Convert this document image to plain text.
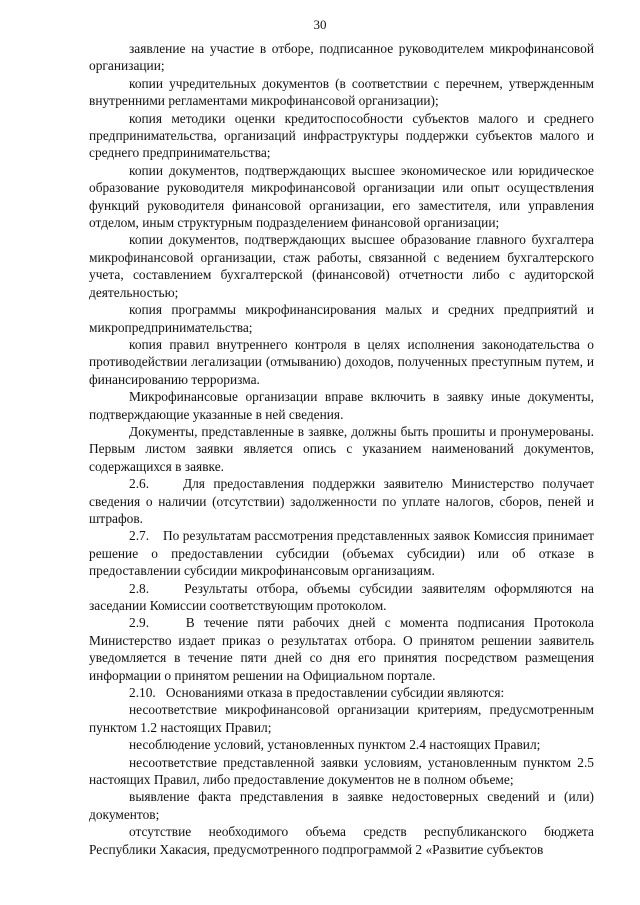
30

заявление на участие в отборе, подписанное руководителем микрофинансовой организации;

копии учредительных документов (в соответствии с перечнем, утвержденным внутренними регламентами микрофинансовой организации);

копия методики оценки кредитоспособности субъектов малого и среднего предпринимательства, организаций инфраструктуры поддержки субъектов малого и среднего предпринимательства;

копии документов, подтверждающих высшее экономическое или юридическое образование руководителя микрофинансовой организации или опыт осуществления функций руководителя финансовой организации, его заместителя, или управления отделом, иным структурным подразделением финансовой организации;

копии документов, подтверждающих высшее образование главного бухгалтера микрофинансовой организации, стаж работы, связанной с ведением бухгалтерского учета, составлением бухгалтерской (финансовой) отчетности либо с аудиторской деятельностью;

копия программы микрофинансирования малых и средних предприятий и микропредпринимательства;

копия правил внутреннего контроля в целях исполнения законодательства о противодействии легализации (отмыванию) доходов, полученных преступным путем, и финансированию терроризма.

Микрофинансовые организации вправе включить в заявку иные документы, подтверждающие указанные в ней сведения.

Документы, представленные в заявке, должны быть прошиты и пронумерованы. Первым листом заявки является опись с указанием наименований документов, содержащихся в заявке.

2.6.    Для предоставления поддержки заявителю Министерство получает сведения о наличии (отсутствии) задолженности по уплате налогов, сборов, пеней и штрафов.

2.7.    По результатам рассмотрения представленных заявок Комиссия принимает решение о предоставлении субсидии (объемах субсидии) или об отказе в предоставлении субсидии микрофинансовым организациям.

2.8.    Результаты отбора, объемы субсидии заявителям оформляются на заседании Комиссии соответствующим протоколом.

2.9.    В течение пяти рабочих дней с момента подписания Протокола Министерство издает приказ о результатах отбора. О принятом решении заявитель уведомляется в течение пяти дней со дня его принятия посредством размещения информации о принятом решении на Официальном портале.

2.10.   Основаниями отказа в предоставлении субсидии являются:

несоответствие микрофинансовой организации критериям, предусмотренным пунктом 1.2 настоящих Правил;

несоблюдение условий, установленных пунктом 2.4 настоящих Правил;

несоответствие представленной заявки условиям, установленным пунктом 2.5 настоящих Правил, либо предоставление документов не в полном объеме;

выявление факта представления в заявке недостоверных сведений и (или) документов;

отсутствие необходимого объема средств республиканского бюджета Республики Хакасия, предусмотренного подпрограммой 2 «Развитие субъектов
